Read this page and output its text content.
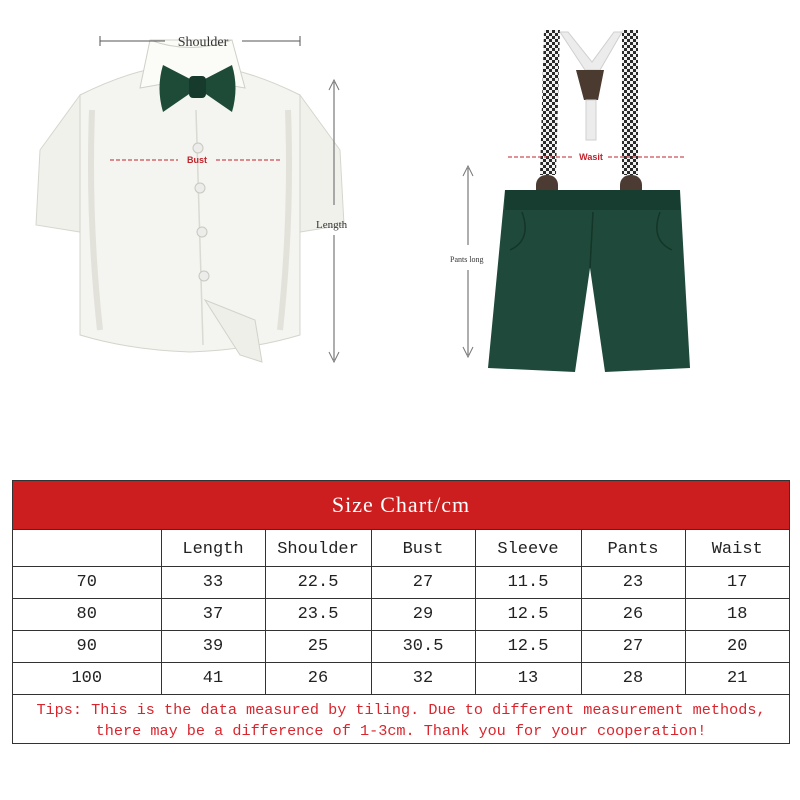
Shoulder
Bust
Length
Wasit
Pants long
Size Chart/cm
	Length	Shoulder	Bust	Sleeve	Pants	Waist
70	33	22.5	27	11.5	23	17
80	37	23.5	29	12.5	26	18
90	39	25	30.5	12.5	27	20
100	41	26	32	13	28	21
Tips: This is the data measured by tiling. Due to different measurement methods,
there may be a difference of 1-3cm. Thank you for your cooperation!
